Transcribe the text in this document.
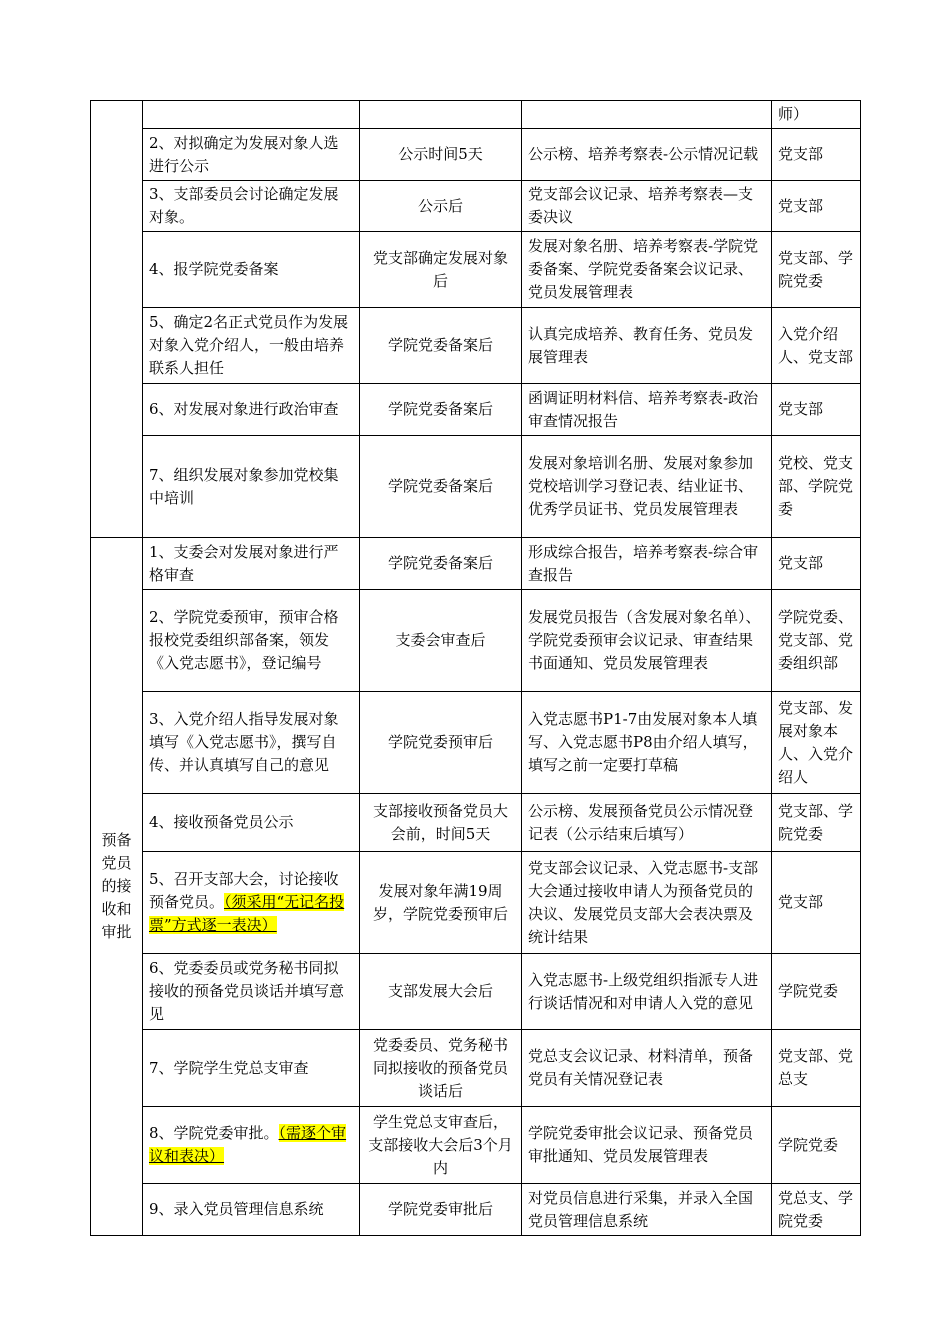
				师）
	2、对拟确定为发展对象人选进行公示	公示时间5天	公示榜、培养考察表-公示情况记载	党支部
	3、支部委员会讨论确定发展对象。	公示后	党支部会议记录、培养考察表—支委决议	党支部
	4、报学院党委备案	党支部确定发展对象后	发展对象名册、培养考察表-学院党委备案、学院党委备案会议记录、党员发展管理表	党支部、学院党委
	5、确定2名正式党员作为发展对象入党介绍人，一般由培养联系人担任	学院党委备案后	认真完成培养、教育任务、党员发展管理表	入党介绍人、党支部
	6、对发展对象进行政治审查	学院党委备案后	函调证明材料信、培养考察表-政治审查情况报告	党支部
	7、组织发展对象参加党校集中培训	学院党委备案后	发展对象培训名册、发展对象参加党校培训学习登记表、结业证书、优秀学员证书、党员发展管理表	党校、党支部、学院党委
预备党员的接收和审批	1、支委会对发展对象进行严格审查	学院党委备案后	形成综合报告，培养考察表-综合审查报告	党支部
	2、学院党委预审，预审合格报校党委组织部备案，领发《入党志愿书》，登记编号	支委会审查后	发展党员报告（含发展对象名单）、学院党委预审会议记录、审查结果书面通知、党员发展管理表	学院党委、党支部、党委组织部
	3、入党介绍人指导发展对象填写《入党志愿书》，撰写自传、并认真填写自己的意见	学院党委预审后	入党志愿书P1-7由发展对象本人填写、入党志愿书P8由介绍人填写，填写之前一定要打草稿	党支部、发展对象本人、入党介绍人
	4、接收预备党员公示	支部接收预备党员大会前，时间5天	公示榜、发展预备党员公示情况登记表（公示结束后填写）	党支部、学院党委
	5、召开支部大会，讨论接收预备党员。（须采用“无记名投票”方式逐一表决）	发展对象年满19周岁，学院党委预审后	党支部会议记录、入党志愿书-支部大会通过接收申请人为预备党员的决议、发展党员支部大会表决票及统计结果	党支部
	6、党委委员或党务秘书同拟接收的预备党员谈话并填写意见	支部发展大会后	入党志愿书-上级党组织指派专人进行谈话情况和对申请人入党的意见	学院党委
	7、学院学生党总支审查	党委委员、党务秘书同拟接收的预备党员谈话后	党总支会议记录、材料清单，预备党员有关情况登记表	党支部、党总支
	8、学院党委审批。（需逐个审议和表决）	学生党总支审查后，支部接收大会后3个月内	学院党委审批会议记录、预备党员审批通知、党员发展管理表	学院党委
	9、录入党员管理信息系统	学院党委审批后	对党员信息进行采集，并录入全国党员管理信息系统	党总支、学院党委
